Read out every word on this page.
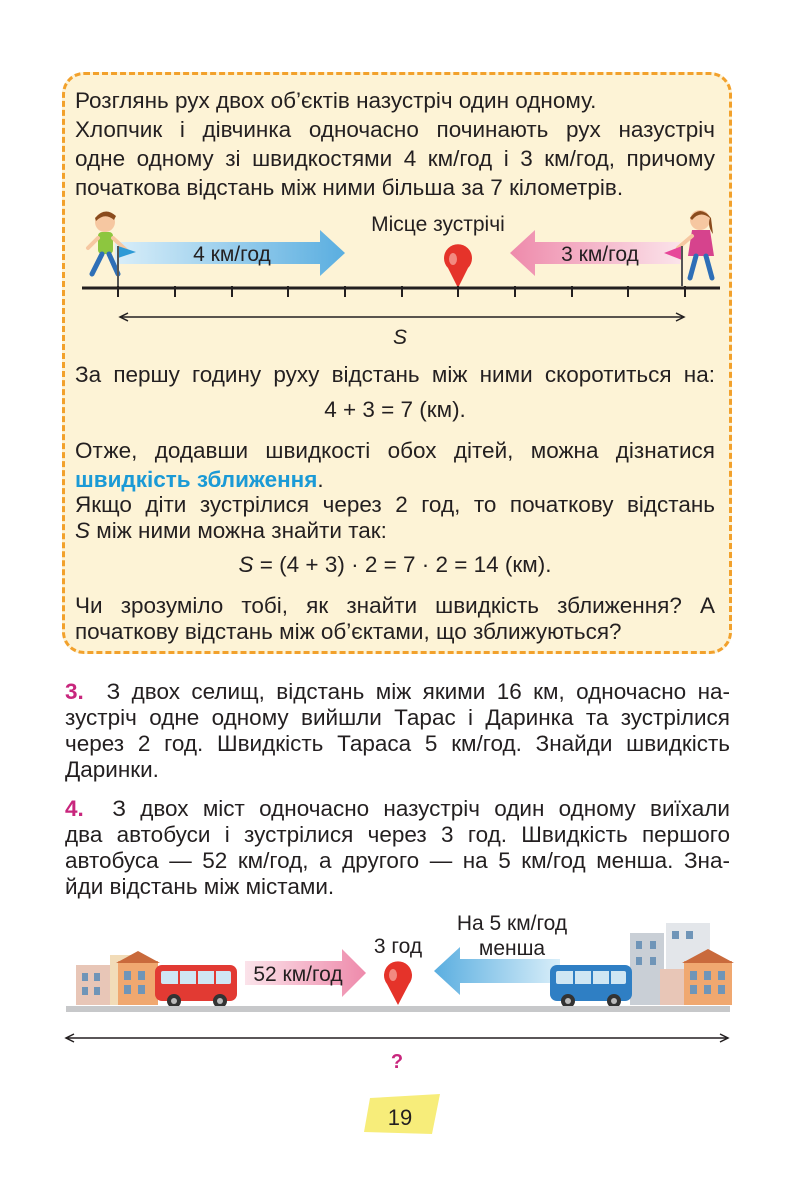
Розглянь рух двох об’єктів назустріч один одному.

Хлопчик і дівчинка одночасно починають рух назустріч

одне одному зі швидкостями 4 км/год і 3 км/год, причому

початкова відстань між ними більша за 7 кілометрів.

Місце зустрічі
4 км/год	3 км/год
S

За першу годину руху відстань між ними скоротиться на:

4 + 3 = 7 (км).

Отже, додавши швидкості обох дітей, можна дізнатися

швидкість зближення.

Якщо діти зустрілися через 2 год, то початкову відстань

S між ними можна знайти так:

S = (4 + 3) · 2 = 7 · 2 = 14 (км).

Чи зрозуміло тобі, як знайти швидкість зближення? А

початкову відстань між об’єктами, що зближуються?

3. З двох селищ, відстань між якими 16 км, одночасно на-

зустріч одне одному вийшли Тарас і Даринка та зустрілися

через 2 год. Швидкість Тараса 5 км/год. Знайди швидкість

Даринки.

4. З двох міст одночасно назустріч один одному виїхали

два автобуси і зустрілися через 3 год. Швидкість першого

автобуса — 52 км/год, а другого — на 5 км/год менша. Зна-

йди відстань між містами.

52 км/год
3 год
На 5 км/год
менша
?
19
